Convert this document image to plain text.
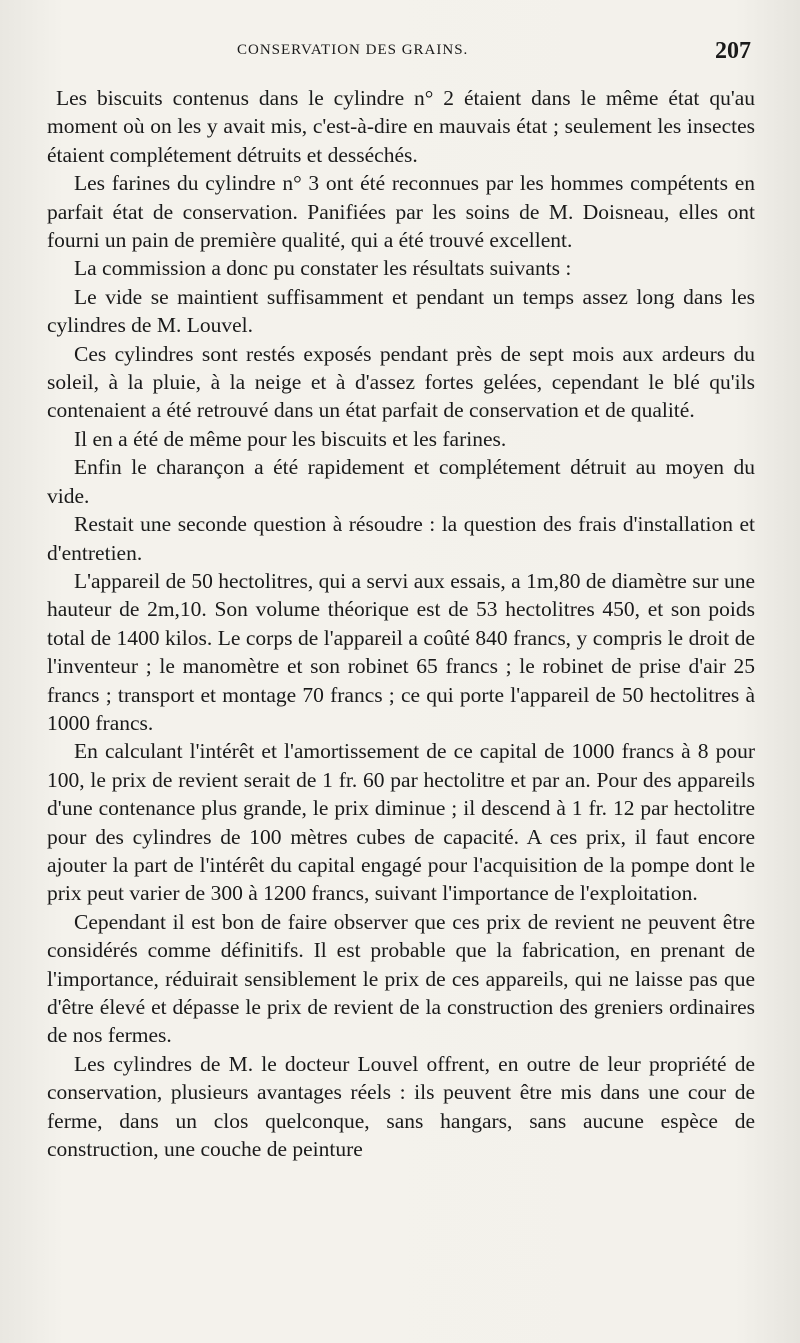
CONSERVATION DES GRAINS.	207

Les biscuits contenus dans le cylindre n° 2 étaient dans le même état qu'au moment où on les y avait mis, c'est-à-dire en mauvais état ; seulement les insectes étaient complétement détruits et desséchés.

Les farines du cylindre n° 3 ont été reconnues par les hommes compétents en parfait état de conservation. Panifiées par les soins de M. Doisneau, elles ont fourni un pain de première qualité, qui a été trouvé excellent.

La commission a donc pu constater les résultats suivants :

Le vide se maintient suffisamment et pendant un temps assez long dans les cylindres de M. Louvel.

Ces cylindres sont restés exposés pendant près de sept mois aux ardeurs du soleil, à la pluie, à la neige et à d'assez fortes gelées, cependant le blé qu'ils contenaient a été retrouvé dans un état parfait de conservation et de qualité.

Il en a été de même pour les biscuits et les farines.

Enfin le charançon a été rapidement et complétement détruit au moyen du vide.

Restait une seconde question à résoudre : la question des frais d'installation et d'entretien.

L'appareil de 50 hectolitres, qui a servi aux essais, a 1m,80 de diamètre sur une hauteur de 2m,10. Son volume théorique est de 53 hectolitres 450, et son poids total de 1400 kilos. Le corps de l'appareil a coûté 840 francs, y compris le droit de l'inventeur ; le manomètre et son robinet 65 francs ; le robinet de prise d'air 25 francs ; transport et montage 70 francs ; ce qui porte l'appareil de 50 hectolitres à 1000 francs.

En calculant l'intérêt et l'amortissement de ce capital de 1000 francs à 8 pour 100, le prix de revient serait de 1 fr. 60 par hectolitre et par an. Pour des appareils d'une contenance plus grande, le prix diminue ; il descend à 1 fr. 12 par hectolitre pour des cylindres de 100 mètres cubes de capacité. A ces prix, il faut encore ajouter la part de l'intérêt du capital engagé pour l'acquisition de la pompe dont le prix peut varier de 300 à 1200 francs, suivant l'importance de l'exploitation.

Cependant il est bon de faire observer que ces prix de revient ne peuvent être considérés comme définitifs. Il est probable que la fabrication, en prenant de l'importance, réduirait sensiblement le prix de ces appareils, qui ne laisse pas que d'être élevé et dépasse le prix de revient de la construction des greniers ordinaires de nos fermes.

Les cylindres de M. le docteur Louvel offrent, en outre de leur propriété de conservation, plusieurs avantages réels : ils peuvent être mis dans une cour de ferme, dans un clos quelconque, sans hangars, sans aucune espèce de construction, une couche de peinture
